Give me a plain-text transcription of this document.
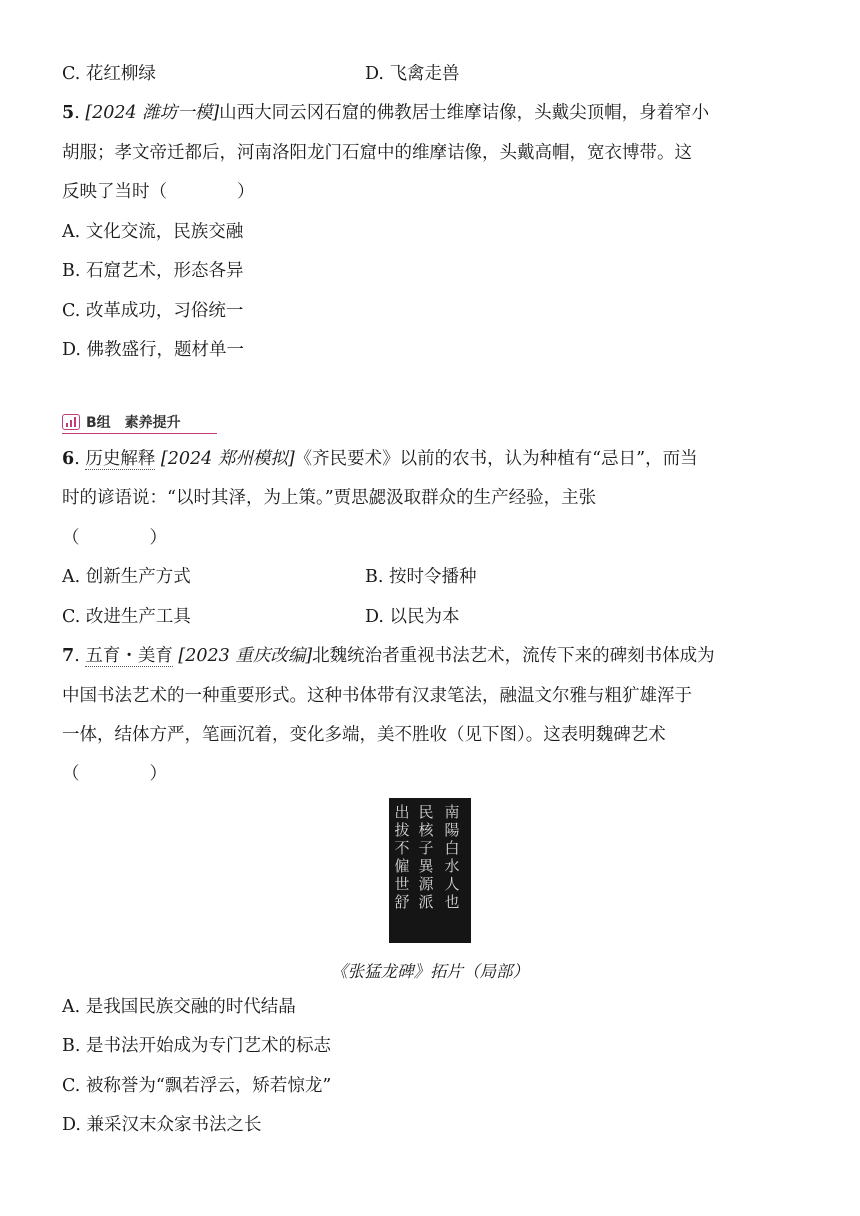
C. 花红柳绿	D. 飞禽走兽
5. [2024 潍坊一模]山西大同云冈石窟的佛教居士维摩诘像，头戴尖顶帽，身着窄小
胡服；孝文帝迁都后，河南洛阳龙门石窟中的维摩诘像，头戴高帽，宽衣博带。这
反映了当时（　　　　）
A. 文化交流，民族交融
B. 石窟艺术，形态各异
C. 改革成功，习俗统一
D. 佛教盛行，题材单一
B组　素养提升
6. 历史解释 [2024 郑州模拟]《齐民要术》以前的农书，认为种植有“忌日”，而当
时的谚语说：“以时其泽，为上策。”贾思勰汲取群众的生产经验，主张
（　　　　）
A. 创新生产方式	B. 按时令播种
C. 改进生产工具	D. 以民为本
7. 五育・美育 [2023 重庆改编]北魏统治者重视书法艺术，流传下来的碑刻书体成为
中国书法艺术的一种重要形式。这种书体带有汉隶笔法，融温文尔雅与粗犷雄浑于
一体，结体方严，笔画沉着，变化多端，美不胜收（见下图）。这表明魏碑艺术
（　　　　）
出
拔
不
僱
世
舒
民
核
子
異
源
派
南
陽
白
水
人
也
《张猛龙碑》拓片（局部）
A. 是我国民族交融的时代结晶
B. 是书法开始成为专门艺术的标志
C. 被称誉为“飘若浮云，矫若惊龙”
D. 兼采汉末众家书法之长
